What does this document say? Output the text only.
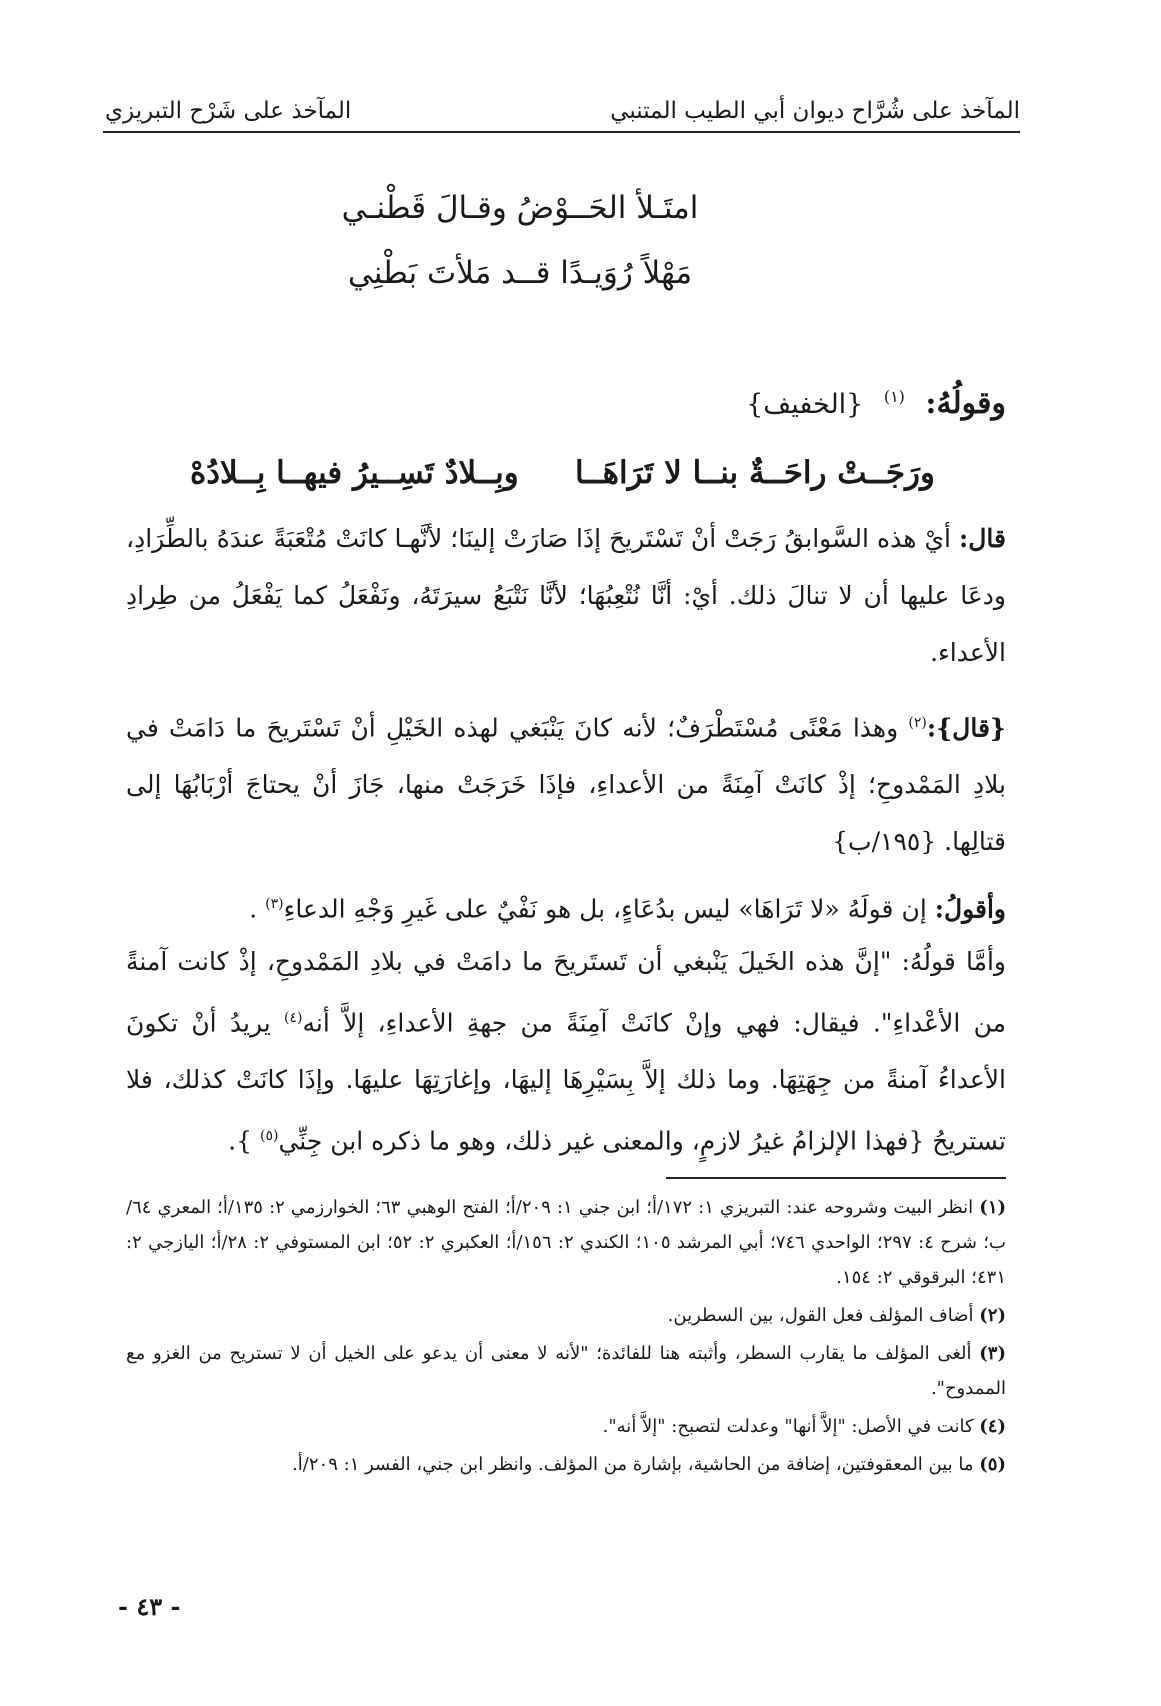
المآخذ على شُرَّاح ديوان أبي الطيب المتنبي
المآخذ على شَرْح التبريزي
امتَـلأ الحَــوْضُ وقـالَ قَطْنـي
مَهْلاً رُوَيـدًا قــد مَلأتَ بَطْنِي
وقولُهُ: $^{(١)}$ {الخفيف}
ورَجَــتْ راحَــةٌ بنــا لا تَرَاهَــا
وبِــلادٌ تَسِــيرُ فيهــا بِــلادُهْ
قال: أيْ هذه السَّوابقُ رَجَتْ أنْ تَسْتَريحَ إذَا صَارَتْ إلينَا؛ لأنَّهـا كانَتْ مُتْعَبَةً عندَهُ بالطِّرَادِ، ودعَا عليها أن لا تنالَ ذلك. أيْ: أنَّا نُتْعِبُهَا؛ لأنَّا نَتْبَعُ سيرَتَهُ، ونَفْعَلُ كما يَفْعَلُ من طِرادِ الأعداء.
{قال}:$^{(٢)}$ وهذا مَعْنًى مُسْتَطْرَفٌ؛ لأنه كانَ يَنْبَغي لهذه الخَيْلِ أنْ تَسْتَريحَ ما دَامَتْ في بلادِ المَمْدوحِ؛ إذْ كانَتْ آمِنَةً من الأعداءِ، فإذَا خَرَجَتْ منها، جَازَ أنْ يحتاجَ أرْبَابُهَا إلى قتالِها. {١٩٥/ب}
وأقولُ: إن قولَهُ «لا تَرَاهَا» ليس بدُعَاءٍ، بل هو نَفْيٌ على غَيرِ وَجْهِ الدعاءِ$^{(٣)}$ .
وأمَّا قولُهُ: "إنَّ هذه الخَيلَ يَنْبغي أن تَستَريحَ ما دامَتْ في بلادِ المَمْدوحِ، إذْ كانت آمنةً من الأعْداءِ". فيقال: فهي وإنْ كانَتْ آمِنَةً من جهةِ الأعداءِ، إلاَّ أنه$^{(٤)}$ يريدُ أنْ تكونَ الأعداءُ آمنةً من جِهَتِهَا. وما ذلك إلاَّ بِسَيْرِهَا إليهَا، وإغارَتِهَا عليهَا. وإذَا كانَتْ كذلك، فلا تستريحُ {فهذا الإلزامُ غيرُ لازمٍ، والمعنى غير ذلك، وهو ما ذكره ابن جِنِّي$^{(٥)}$ }.

(١) انظر البيت وشروحه عند: التبريزي ١: ١٧٢/أ؛ ابن جني ١: ٢٠٩/أ؛ الفتح الوهبي ٦٣؛ الخوارزمي ٢: ١٣٥/أ؛ المعري ٦٤/ب؛ شرح ٤: ٢٩٧؛ الواحدي ٧٤٦؛ أبي المرشد ١٠٥؛ الكندي ٢: ١٥٦/أ؛ العكبري ٢: ٥٢؛ ابن المستوفي ٢: ٢٨/أ؛ اليازجي ٢: ٤٣١؛ البرقوقي ٢: ١٥٤.

(٢) أضاف المؤلف فعل القول، بين السطرين.

(٣) ألغى المؤلف ما يقارب السطر، وأثبته هنا للفائدة؛ "لأنه لا معنى أن يدعو على الخيل أن لا تستريح من الغزو مع الممدوح".

(٤) كانت في الأصل: "إلاَّ أنها" وعدلت لتصبح: "إلاَّ أنه".

(٥) ما بين المعقوفتين، إضافة من الحاشية، بإشارة من المؤلف. وانظر ابن جني، الفسر ١: ٢٠٩/أ.

- ٤٣ -
